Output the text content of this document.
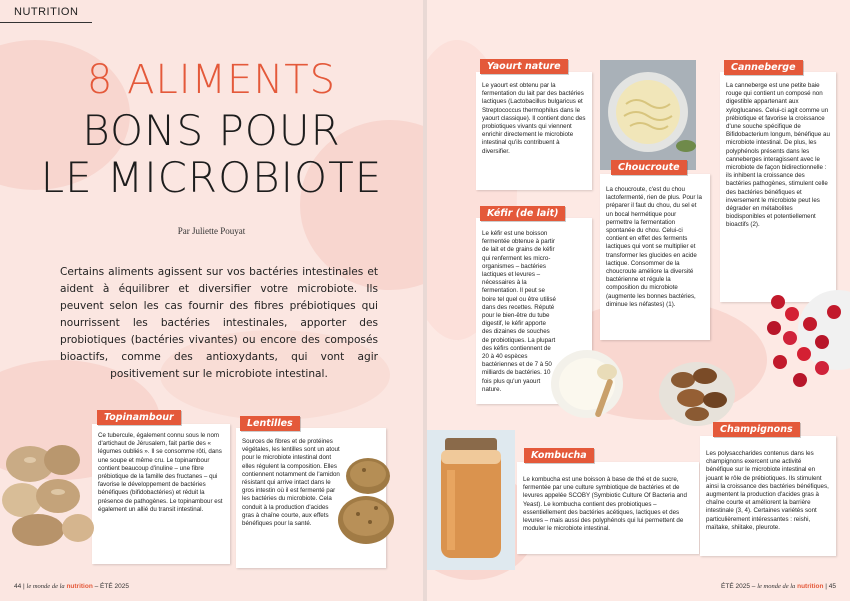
NUTRITION
8 ALIMENTS
BONS POUR
LE MICROBIOTE
Par Juliette Pouyat
Certains aliments agissent sur vos bactéries intestinales et aident à équilibrer et diversifier votre microbiote. Ils peuvent selon les cas fournir des fibres prébiotiques qui nourrissent les bactéries intestinales, apporter des probiotiques (bactéries vivantes) ou encore des composés bioactifs, comme des antioxydants, qui vont agir positivement sur le microbiote intestinal.

Ce tubercule, également connu sous le nom d'artichaut de Jérusalem, fait partie des « légumes oubliés ». Il se consomme rôti, dans une soupe et même cru. Le topinambour contient beaucoup d'inuline – une fibre prébiotique de la famille des fructanes – qui favorise le développement de bactéries bénéfiques (bifidobactéries) et réduit la présence de pathogènes. Le topinambour est également un allié du transit intestinal.

Topinambour

Sources de fibres et de protéines végétales, les lentilles sont un atout pour le microbiote intestinal dont elles régulent la composition. Elles contiennent notamment de l'amidon résistant qui arrive intact dans le gros intestin où il est fermenté par les bactéries du microbiote. Cela conduit à la production d'acides gras à chaîne courte, aux effets bénéfiques pour la santé.

Lentilles
44 | le monde de la nutrition – ÉTÉ 2025

Le yaourt est obtenu par la fermentation du lait par des bactéries lactiques (Lactobacillus bulgaricus et Streptococcus thermophilus dans le yaourt classique). Il contient donc des probiotiques vivants qui viennent enrichir directement le microbiote intestinal qu'ils contribuent à diversifier.

Yaourt nature

La choucroute, c'est du chou lactofermenté, rien de plus. Pour la préparer il faut du chou, du sel et un bocal hermétique pour permettre la fermentation spontanée du chou. Celui-ci contient en effet des ferments lactiques qui vont se multiplier et transformer les glucides en acide lactique. Consommer de la choucroute améliore la diversité bactérienne et régule la composition du microbiote (augmente les bonnes bactéries, diminue les néfastes) (1).

Choucroute

La canneberge est une petite baie rouge qui contient un composé non digestible appartenant aux xyloglucanes. Celui-ci agit comme un prébiotique et favorise la croissance d'une souche spécifique de Bifidobacterium longum, bénéfique au microbiote intestinal. De plus, les polyphénols présents dans les canneberges interagissent avec le microbiote de façon bidirectionnelle : ils inhibent la croissance des bactéries pathogènes, stimulent celle des bactéries bénéfiques et inversement le microbiote peut les dégrader en métabolites biodisponibles et potentiellement bioactifs (2).

Canneberge

Le kéfir est une boisson fermentée obtenue à partir de lait et de grains de kéfir qui renferment les micro-organismes – bactéries lactiques et levures – nécessaires à la fermentation. Il peut se boire tel quel ou être utilisé dans des recettes. Réputé pour le bien-être du tube digestif, le kéfir apporte des dizaines de souches de probiotiques. La plupart des kéfirs contiennent de 20 à 40 espèces bactériennes et de 7 à 50 milliards de bactéries. 10 fois plus qu'un yaourt nature.

Kéfir (de lait)

Le kombucha est une boisson à base de thé et de sucre, fermentée par une culture symbiotique de bactéries et de levures appelée SCOBY (Symbiotic Culture Of Bacteria and Yeast). Le kombucha contient des probiotiques – essentiellement des bactéries acétiques, lactiques et des levures – mais aussi des polyphénols qui lui permettent de moduler le microbiote intestinal.

Kombucha	Les polysaccharides contenus dans les champignons exercent une activité bénéfique sur le microbiote intestinal en jouant le rôle de prébiotiques. Ils stimulent ainsi la croissance des bactéries bénéfiques, augmentent la production d'acides gras à chaîne courte et améliorent la barrière intestinale (3, 4). Certaines variétés sont particulièrement intéressantes : reishi, maïtake, shiitake, pleurote.

Champignons
ÉTÉ 2025 – le monde de la nutrition | 45
